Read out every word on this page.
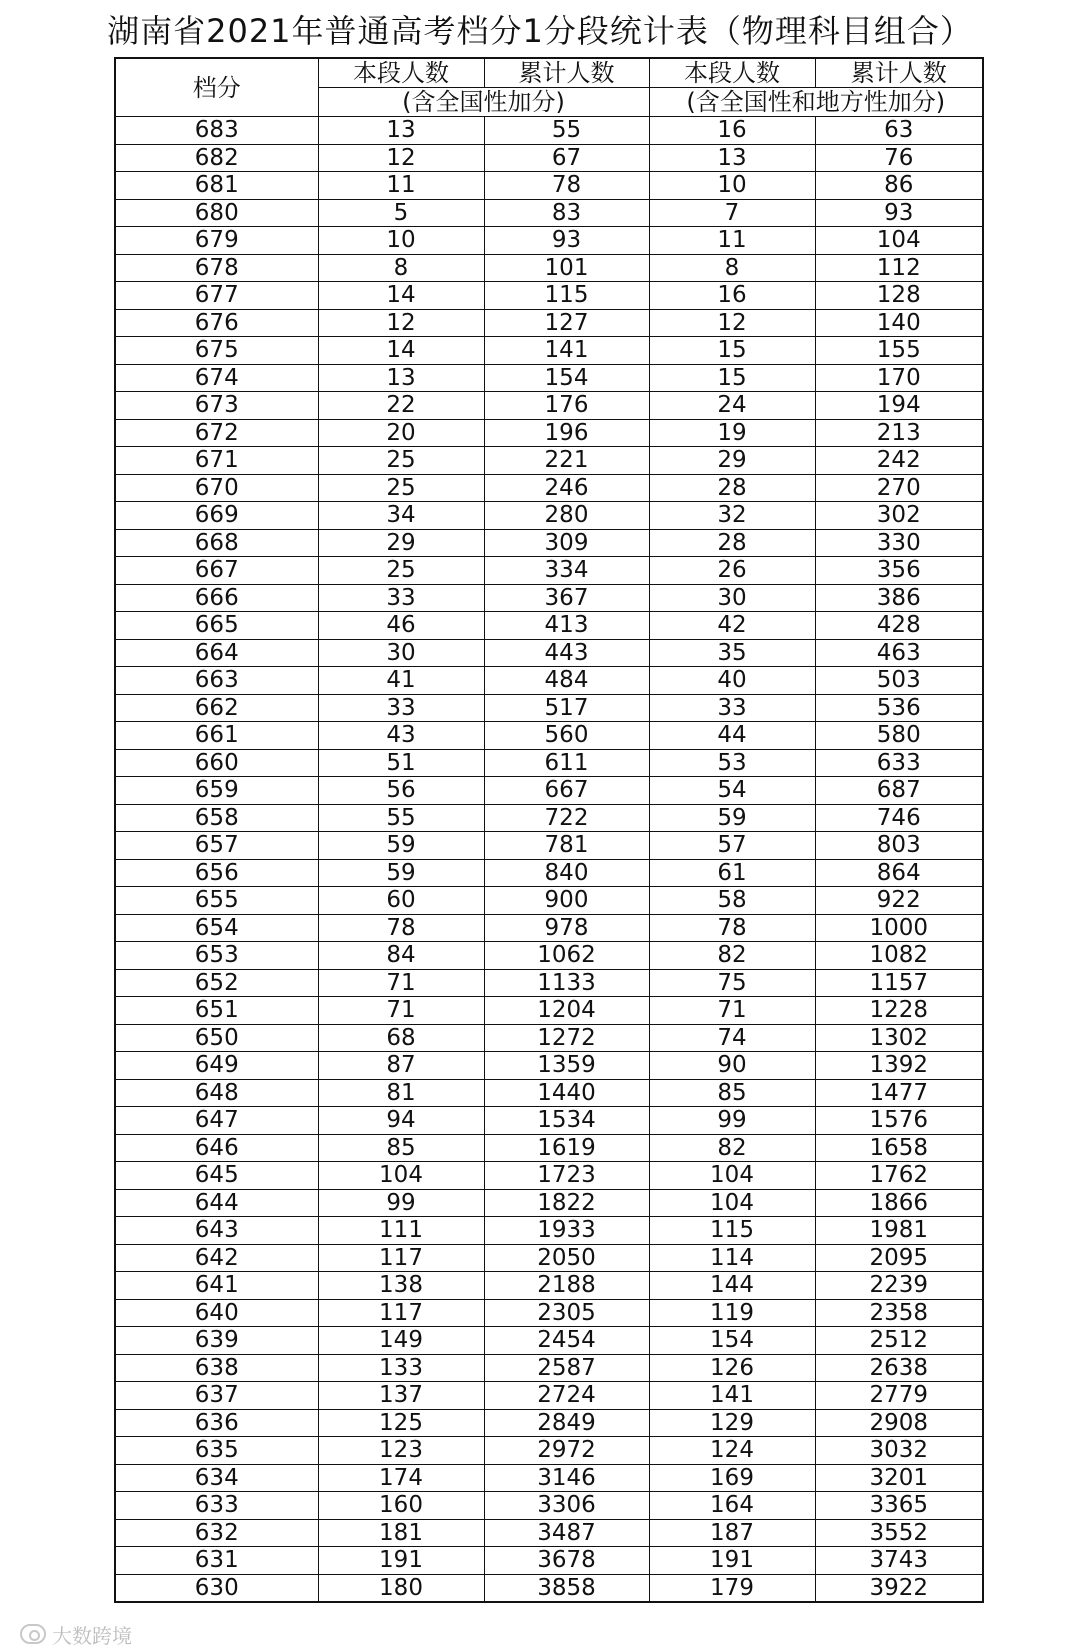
湖南省2021年普通高考档分1分段统计表（物理科目组合）
档分	本段人数	累计人数	本段人数	累计人数
	(含全国性加分)		(含全国性和地方性加分)	
683	13	55	16	63
682	12	67	13	76
681	11	78	10	86
680	5	83	7	93
679	10	93	11	104
678	8	101	8	112
677	14	115	16	128
676	12	127	12	140
675	14	141	15	155
674	13	154	15	170
673	22	176	24	194
672	20	196	19	213
671	25	221	29	242
670	25	246	28	270
669	34	280	32	302
668	29	309	28	330
667	25	334	26	356
666	33	367	30	386
665	46	413	42	428
664	30	443	35	463
663	41	484	40	503
662	33	517	33	536
661	43	560	44	580
660	51	611	53	633
659	56	667	54	687
658	55	722	59	746
657	59	781	57	803
656	59	840	61	864
655	60	900	58	922
654	78	978	78	1000
653	84	1062	82	1082
652	71	1133	75	1157
651	71	1204	71	1228
650	68	1272	74	1302
649	87	1359	90	1392
648	81	1440	85	1477
647	94	1534	99	1576
646	85	1619	82	1658
645	104	1723	104	1762
644	99	1822	104	1866
643	111	1933	115	1981
642	117	2050	114	2095
641	138	2188	144	2239
640	117	2305	119	2358
639	149	2454	154	2512
638	133	2587	126	2638
637	137	2724	141	2779
636	125	2849	129	2908
635	123	2972	124	3032
634	174	3146	169	3201
633	160	3306	164	3365
632	181	3487	187	3552
631	191	3678	191	3743
630	180	3858	179	3922
大数跨境
